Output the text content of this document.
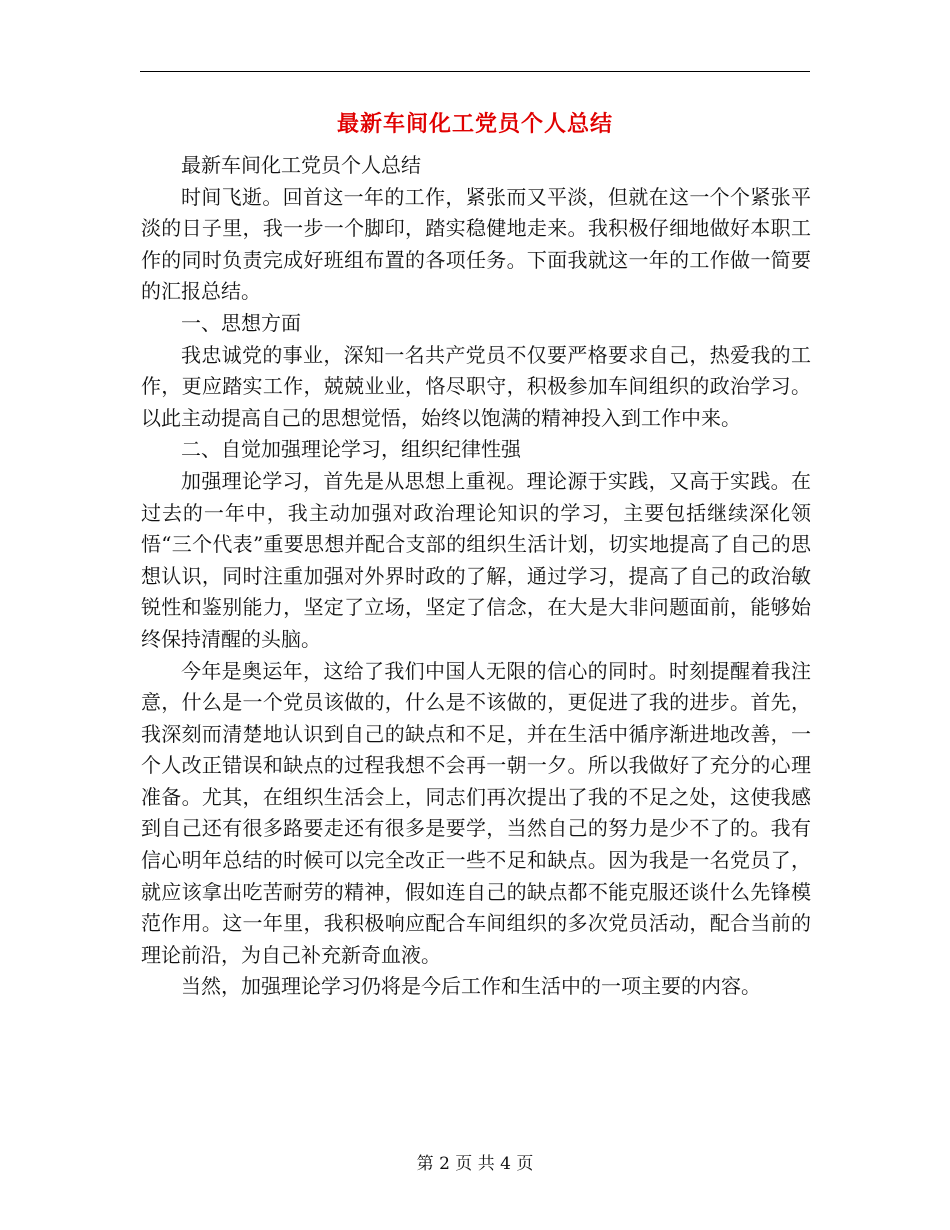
最新车间化工党员个人总结

最新车间化工党员个人总结

时间飞逝。回首这一年的工作，紧张而又平淡，但就在这一个个紧张平淡的日子里，我一步一个脚印，踏实稳健地走来。我积极仔细地做好本职工作的同时负责完成好班组布置的各项任务。下面我就这一年的工作做一简要的汇报总结。

一、思想方面

我忠诚党的事业，深知一名共产党员不仅要严格要求自己，热爱我的工作，更应踏实工作，兢兢业业，恪尽职守，积极参加车间组织的政治学习。以此主动提高自己的思想觉悟，始终以饱满的精神投入到工作中来。

二、自觉加强理论学习，组织纪律性强

加强理论学习，首先是从思想上重视。理论源于实践，又高于实践。在过去的一年中，我主动加强对政治理论知识的学习，主要包括继续深化领悟“三个代表”重要思想并配合支部的组织生活计划，切实地提高了自己的思想认识，同时注重加强对外界时政的了解，通过学习，提高了自己的政治敏锐性和鉴别能力，坚定了立场，坚定了信念，在大是大非问题面前，能够始终保持清醒的头脑。

今年是奥运年，这给了我们中国人无限的信心的同时。时刻提醒着我注意，什么是一个党员该做的，什么是不该做的，更促进了我的进步。首先，我深刻而清楚地认识到自己的缺点和不足，并在生活中循序渐进地改善，一个人改正错误和缺点的过程我想不会再一朝一夕。所以我做好了充分的心理准备。尤其，在组织生活会上，同志们再次提出了我的不足之处，这使我感到自己还有很多路要走还有很多是要学，当然自己的努力是少不了的。我有信心明年总结的时候可以完全改正一些不足和缺点。因为我是一名党员了，就应该拿出吃苦耐劳的精神，假如连自己的缺点都不能克服还谈什么先锋模范作用。这一年里，我积极响应配合车间组织的多次党员活动，配合当前的理论前沿，为自己补充新奇血液。

当然，加强理论学习仍将是今后工作和生活中的一项主要的内容。

第 2 页 共 4 页
